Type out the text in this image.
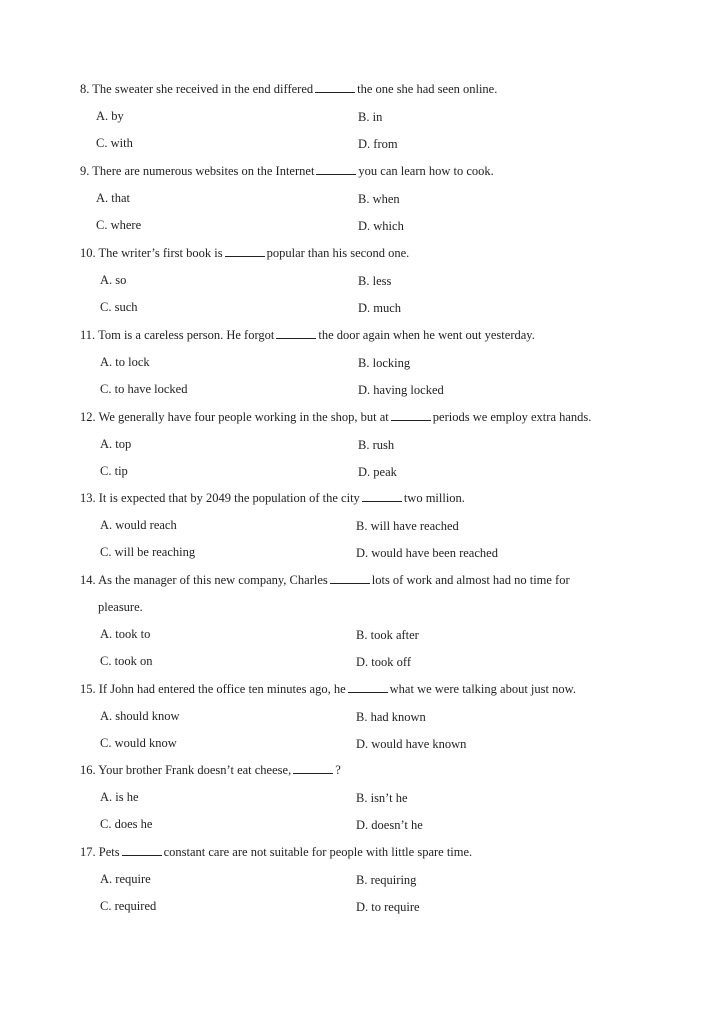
8. The sweater she received in the end differed	the one she had seen online.
A. by	B. in
C. with	D. from
9. There are numerous websites on the Internet	you can learn how to cook.
A. that	B. when
C. where	D. which
10. The writer’s first book is	popular than his second one.
A. so	B. less
C. such	D. much
11. Tom is a careless person. He forgot	the door again when he went out yesterday.
A. to lock	B. locking
C. to have locked	D. having locked
12. We generally have four people working in the shop, but at	periods we employ extra hands.
A. top	B. rush
C. tip	D. peak
13. It is expected that by 2049 the population of the city	two million.
A. would reach	B. will have reached
C. will be reaching	D. would have been reached
14. As the manager of this new company, Charles	lots of work and almost had no time for
pleasure.
A. took to	B. took after
C. took on	D. took off
15. If John had entered the office ten minutes ago, he	what we were talking about just now.
A. should know	B. had known
C. would know	D. would have known
16. Your brother Frank doesn’t eat cheese,	?
A. is he	B. isn’t he
C. does he	D. doesn’t he
17. Pets	constant care are not suitable for people with little spare time.
A. require	B. requiring
C. required	D. to require
